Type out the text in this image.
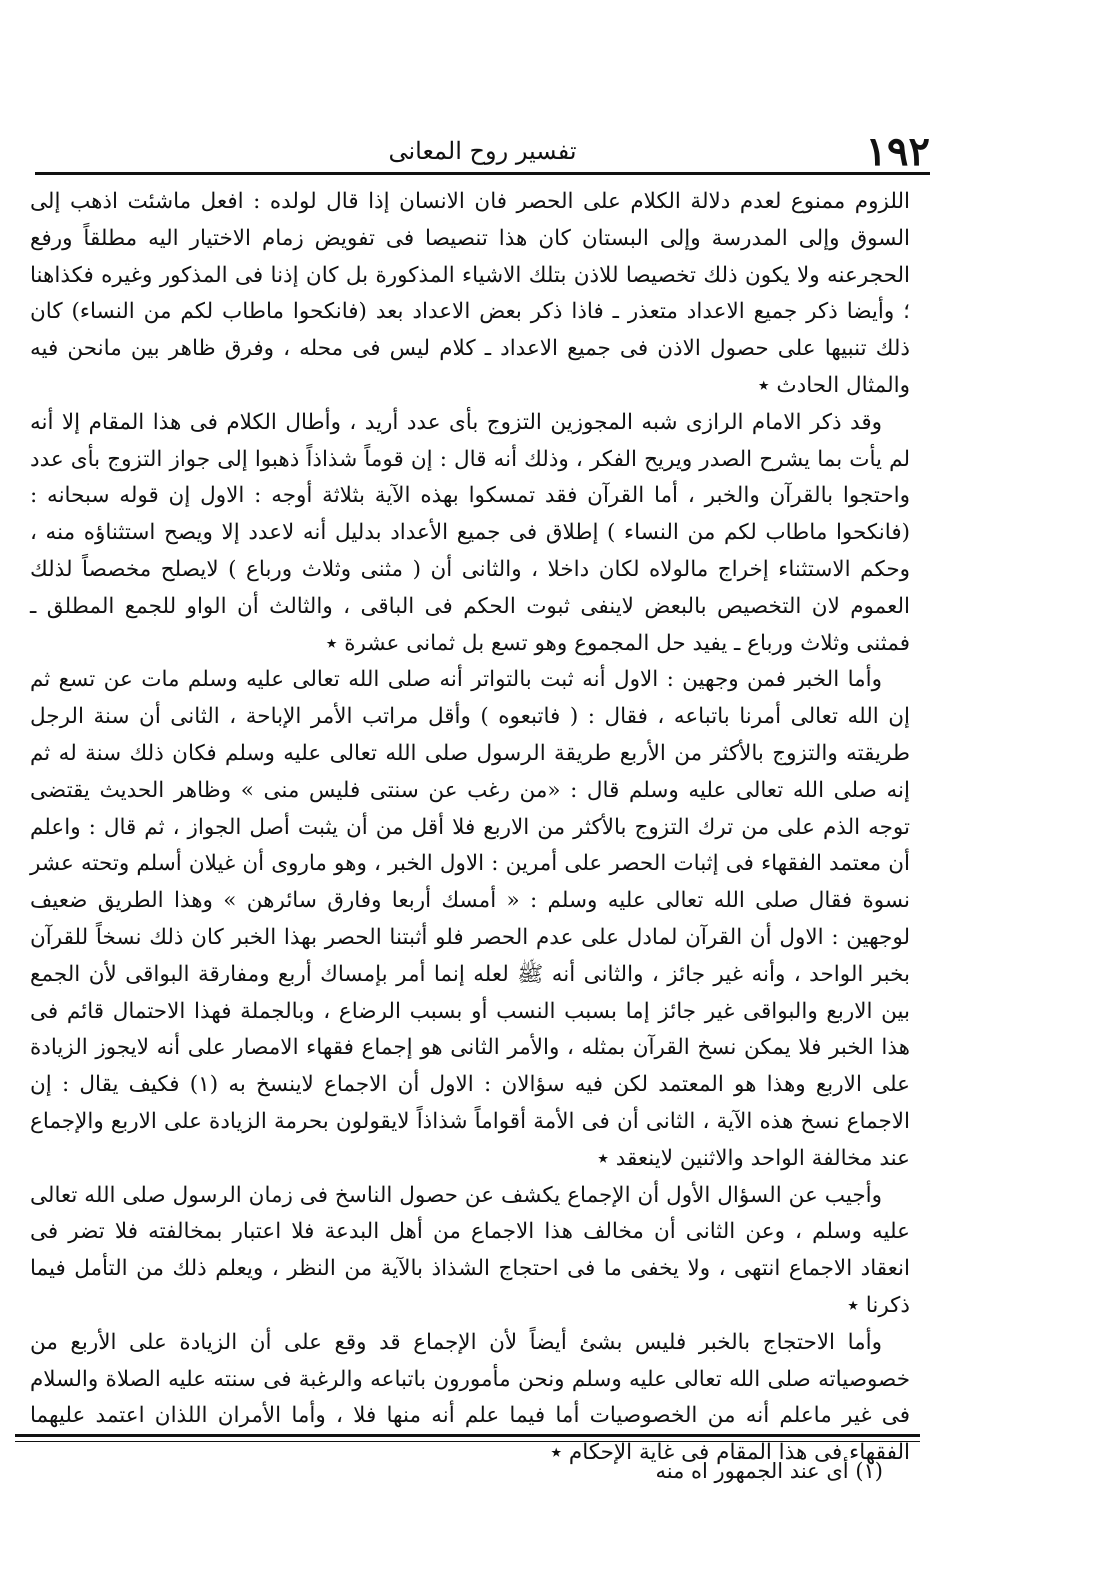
١٩٢
تفسير روح المعانى

اللزوم ممنوع لعدم دلالة الكلام على الحصر فان الانسان إذا قال لولده : افعل ماشئت اذهب إلى السوق وإلى المدرسة وإلى البستان كان هذا تنصيصا فى تفويض زمام الاختيار اليه مطلقاً ورفع الحجرعنه ولا يكون ذلك تخصيصا للاذن بتلك الاشياء المذكورة بل كان إذنا فى المذكور وغيره فكذاهنا ؛ وأيضا ذكر جميع الاعداد متعذر ـ فاذا ذكر بعض الاعداد بعد (فانكحوا ماطاب لكم من النساء) كان ذلك تنبيها على حصول الاذن فى جميع الاعداد ـ كلام ليس فى محله ، وفرق ظاهر بين مانحن فيه والمثال الحادث ٭

وقد ذكر الامام الرازى شبه المجوزين التزوج بأى عدد أريد ، وأطال الكلام فى هذا المقام إلا أنه لم يأت بما يشرح الصدر ويريح الفكر ، وذلك أنه قال : إن قوماً شذاذاً ذهبوا إلى جواز التزوج بأى عدد واحتجوا بالقرآن والخبر ، أما القرآن فقد تمسكوا بهذه الآية بثلاثة أوجه : الاول إن قوله سبحانه : (فانكحوا ماطاب لكم من النساء ) إطلاق فى جميع الأعداد بدليل أنه لاعدد إلا ويصح استثناؤه منه ، وحكم الاستثناء إخراج مالولاه لكان داخلا ، والثانى أن ( مثنى وثلاث ورباع ) لايصلح مخصصاً لذلك العموم لان التخصيص بالبعض لاينفى ثبوت الحكم فى الباقى ، والثالث أن الواو للجمع المطلق ـ فمثنى وثلاث ورباع ـ يفيد حل المجموع وهو تسع بل ثمانى عشرة ٭

وأما الخبر فمن وجهين : الاول أنه ثبت بالتواتر أنه صلى الله تعالى عليه وسلم مات عن تسع ثم إن الله تعالى أمرنا باتباعه ، فقال : ( فاتبعوه ) وأقل مراتب الأمر الإباحة ، الثانى أن سنة الرجل طريقته والتزوج بالأكثر من الأربع طريقة الرسول صلى الله تعالى عليه وسلم فكان ذلك سنة له ثم إنه صلى الله تعالى عليه وسلم قال : «من رغب عن سنتى فليس منى » وظاهر الحديث يقتضى توجه الذم على من ترك التزوج بالأكثر من الاربع فلا أقل من أن يثبت أصل الجواز ، ثم قال : واعلم أن معتمد الفقهاء فى إثبات الحصر على أمرين : الاول الخبر ، وهو ماروى أن غيلان أسلم وتحته عشر نسوة فقال صلى الله تعالى عليه وسلم : « أمسك أربعا وفارق سائرهن » وهذا الطريق ضعيف لوجهين : الاول أن القرآن لمادل على عدم الحصر فلو أثبتنا الحصر بهذا الخبر كان ذلك نسخاً للقرآن بخبر الواحد ، وأنه غير جائز ، والثانى أنه ﷺ لعله إنما أمر بإمساك أربع ومفارقة البواقى لأن الجمع بين الاربع والبواقى غير جائز إما بسبب النسب أو بسبب الرضاع ، وبالجملة فهذا الاحتمال قائم فى هذا الخبر فلا يمكن نسخ القرآن بمثله ، والأمر الثانى هو إجماع فقهاء الامصار على أنه لايجوز الزيادة على الاربع وهذا هو المعتمد لكن فيه سؤالان : الاول أن الاجماع لاينسخ به (١) فكيف يقال : إن الاجماع نسخ هذه الآية ، الثانى أن فى الأمة أقواماً شذاذاً لايقولون بحرمة الزيادة على الاربع والإجماع عند مخالفة الواحد والاثنين لاينعقد ٭

وأجيب عن السؤال الأول أن الإجماع يكشف عن حصول الناسخ فى زمان الرسول صلى الله تعالى عليه وسلم ، وعن الثانى أن مخالف هذا الاجماع من أهل البدعة فلا اعتبار بمخالفته فلا تضر فى انعقاد الاجماع انتهى ، ولا يخفى ما فى احتجاج الشذاذ بالآية من النظر ، ويعلم ذلك من التأمل فيما ذكرنا ٭

وأما الاحتجاج بالخبر فليس بشئ أيضاً لأن الإجماع قد وقع على أن الزيادة على الأربع من خصوصياته صلى الله تعالى عليه وسلم ونحن مأمورون باتباعه والرغبة فى سنته عليه الصلاة والسلام فى غير ماعلم أنه من الخصوصيات أما فيما علم أنه منها فلا ، وأما الأمران اللذان اعتمد عليهما الفقهاء فى هذا المقام فى غاية الإحكام ٭

(١) أى عند الجمهور اه منه
